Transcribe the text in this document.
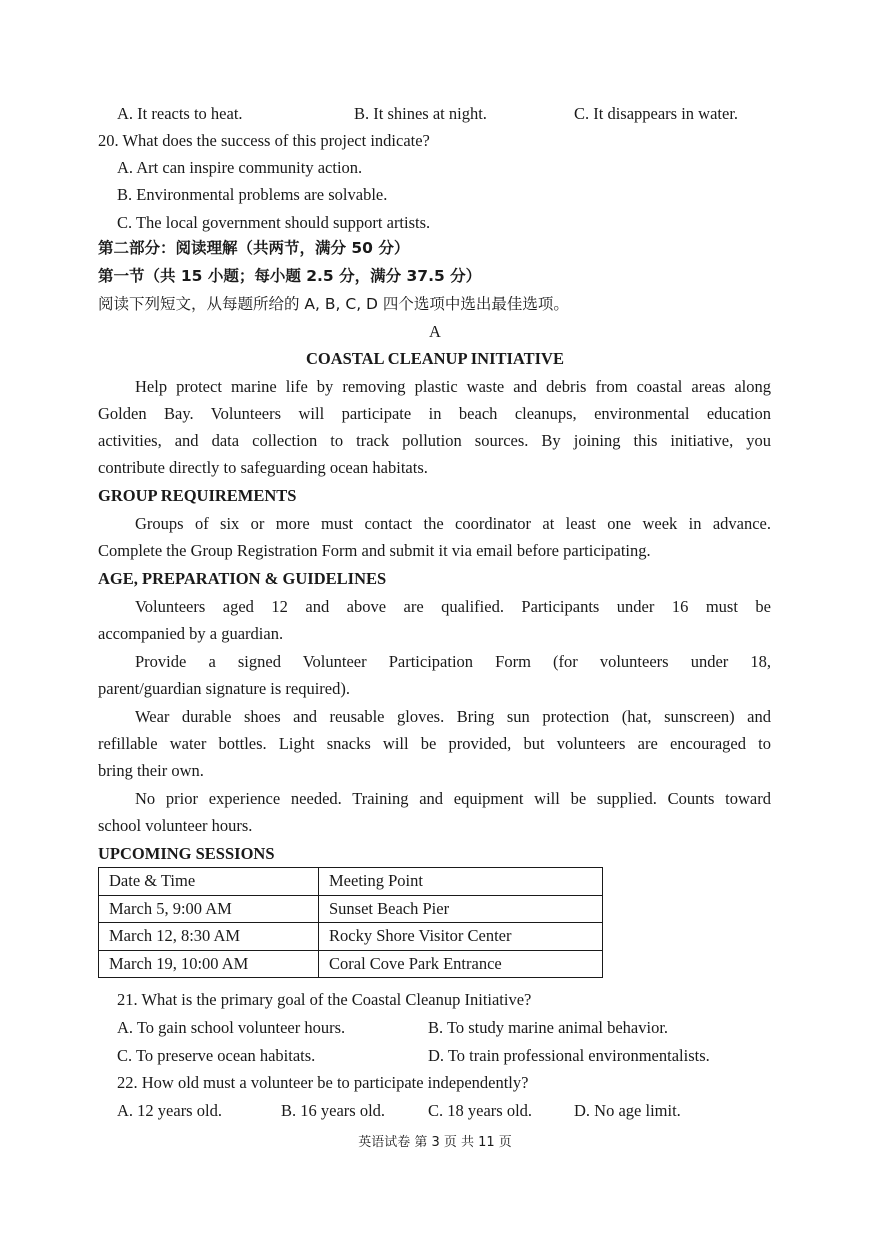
A. It reacts to heat.	B. It shines at night.	C. It disappears in water.
20. What does the success of this project indicate?
A. Art can inspire community action.
B. Environmental problems are solvable.
C. The local government should support artists.
第二部分：阅读理解（共两节，满分 50 分）
第一节（共 15 小题；每小题 2.5 分，满分 37.5 分）
阅读下列短文，从每题所给的 A, B, C, D 四个选项中选出最佳选项。
A
COASTAL CLEANUP INITIATIVE
Help protect marine life by removing plastic waste and debris from coastal areas along
Golden Bay. Volunteers will participate in beach cleanups, environmental education
activities, and data collection to track pollution sources. By joining this initiative, you
contribute directly to safeguarding ocean habitats.
GROUP REQUIREMENTS
Groups of six or more must contact the coordinator at least one week in advance.
Complete the Group Registration Form and submit it via email before participating.
AGE, PREPARATION & GUIDELINES
Volunteers aged 12 and above are qualified. Participants under 16 must be
accompanied by a guardian.
Provide a signed Volunteer Participation Form (for volunteers under 18,
parent/guardian signature is required).
Wear durable shoes and reusable gloves. Bring sun protection (hat, sunscreen) and
refillable water bottles. Light snacks will be provided, but volunteers are encouraged to
bring their own.
No prior experience needed. Training and equipment will be supplied. Counts toward
school volunteer hours.
UPCOMING SESSIONS
Date & Time	Meeting Point
March 5, 9:00 AM	Sunset Beach Pier
March 12, 8:30 AM	Rocky Shore Visitor Center
March 19, 10:00 AM	Coral Cove Park Entrance
21. What is the primary goal of the Coastal Cleanup Initiative?
A. To gain school volunteer hours.	B. To study marine animal behavior.
C. To preserve ocean habitats.	D. To train professional environmentalists.
22. How old must a volunteer be to participate independently?
A. 12 years old.	B. 16 years old.	C. 18 years old.	D. No age limit.
英语试卷 第 3 页 共 11 页
